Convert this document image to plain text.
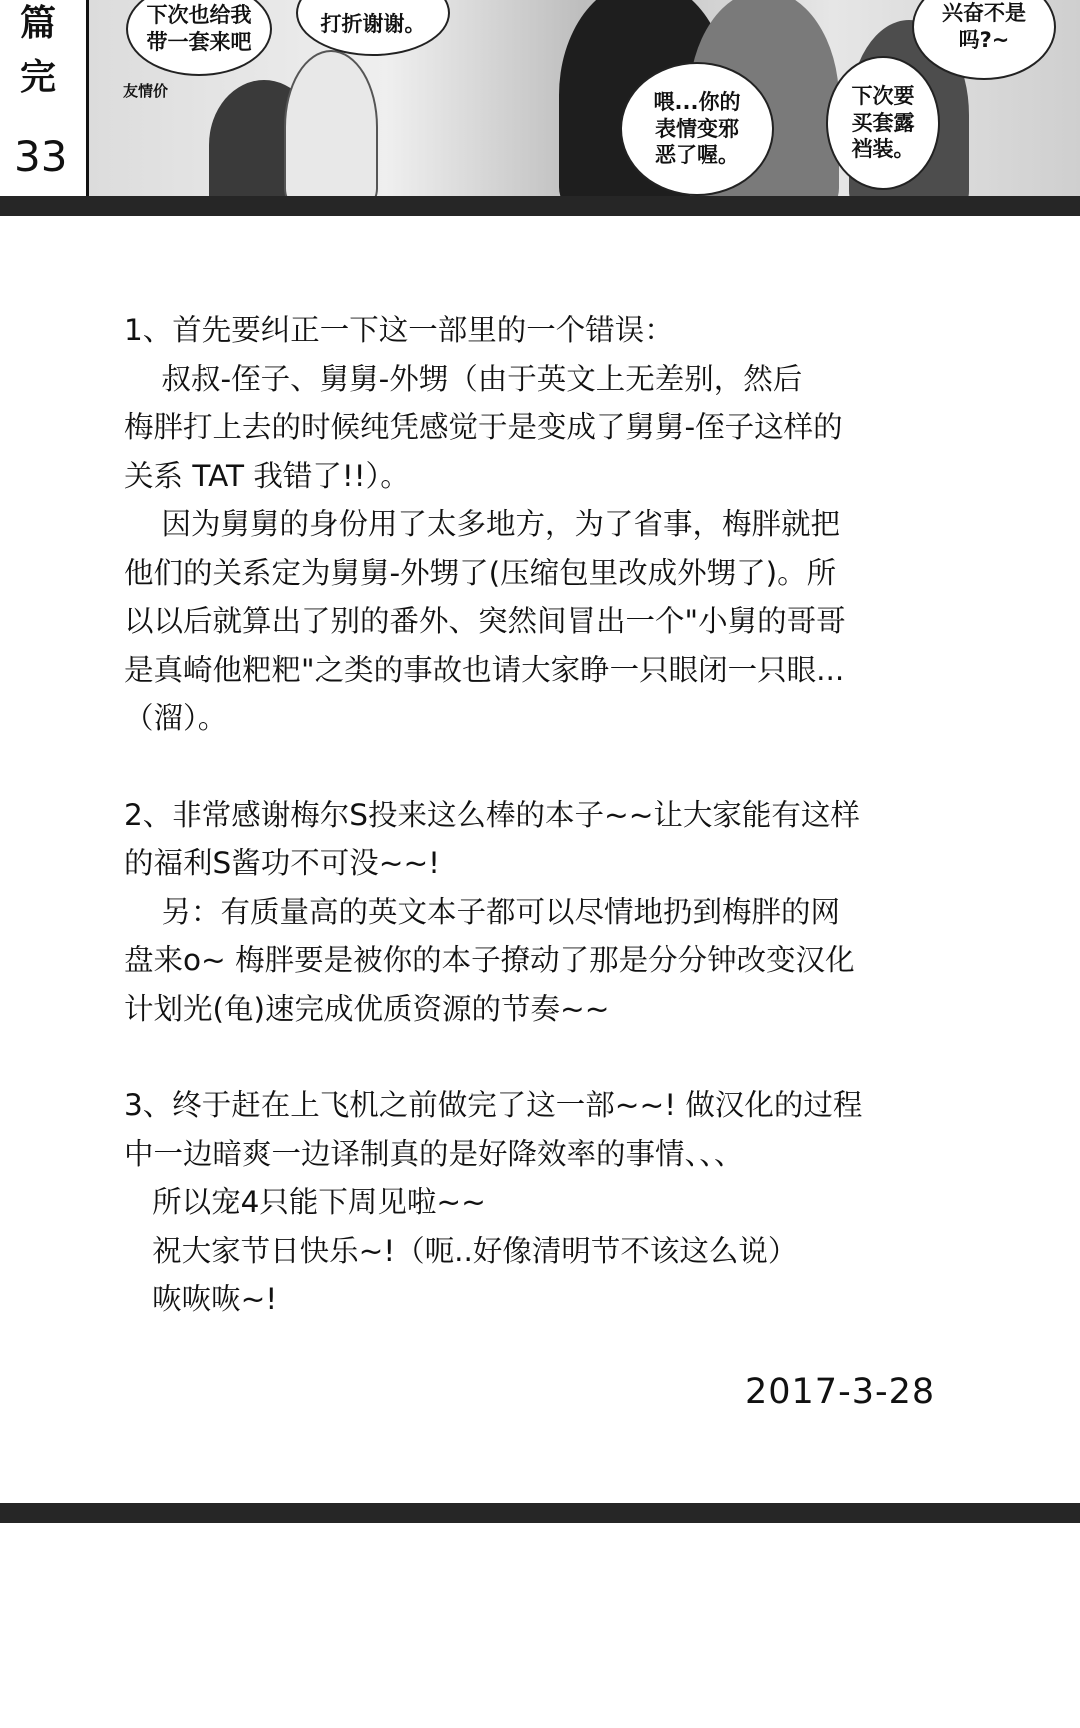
篇
完
33
友情价
下次也给我
带一套来吧
打折谢谢。	兴奋不是
吗?~
喂...你的
表情变邪
恶了喔。
下次要
买套露
裆装。
1、首先要纠正一下这一部里的一个错误：
叔叔-侄子、舅舅-外甥（由于英文上无差别，然后
梅胖打上去的时候纯凭感觉于是变成了舅舅-侄子这样的
关系 TAT 我错了!!）。
因为舅舅的身份用了太多地方，为了省事，梅胖就把
他们的关系定为舅舅-外甥了(压缩包里改成外甥了)。所
以以后就算出了别的番外、突然间冒出一个"小舅的哥哥
是真崎他粑粑"之类的事故也请大家睁一只眼闭一只眼...
（溜）。
2、非常感谢梅尔S投来这么棒的本子~~让大家能有这样
的福利S酱功不可没~~!
另：有质量高的英文本子都可以尽情地扔到梅胖的网
盘来o~ 梅胖要是被你的本子撩动了那是分分钟改变汉化
计划光(龟)速完成优质资源的节奏~~
3、终于赶在上飞机之前做完了这一部~~! 做汉化的过程
中一边暗爽一边译制真的是好降效率的事情、、、
所以宠4只能下周见啦~~
祝大家节日快乐~!（呃..好像清明节不该这么说）
咴咴咴~!
2017-3-28
